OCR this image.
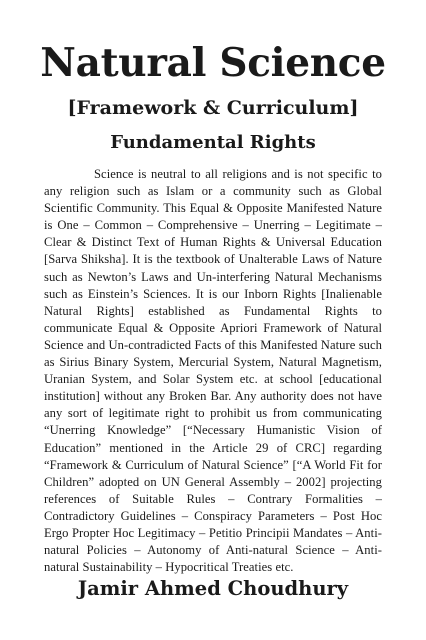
Natural Science
[Framework & Curriculum]
Fundamental Rights

Science is neutral to all religions and is not specific to any religion such as Islam or a community such as Global Scientific Community. This Equal & Opposite Manifested Nature is One – Common – Comprehensive – Unerring – Legitimate – Clear & Distinct Text of Human Rights & Universal Education [Sarva Shiksha]. It is the textbook of Unalterable Laws of Nature such as Newton’s Laws and Un-interfering Natural Mechanisms such as Einstein’s Sciences. It is our Inborn Rights [Inalienable Natural Rights] established as Fundamental Rights to communicate Equal & Opposite Apriori Framework of Natural Science and Un-contradicted Facts of this Manifested Nature such as Sirius Binary System, Mercurial System, Natural Magnetism, Uranian System, and Solar System etc. at school [educational institution] without any Broken Bar. Any authority does not have any sort of legitimate right to prohibit us from communicating “Unerring Knowledge” [“Necessary Humanistic Vision of Education” mentioned in the Article 29 of CRC] regarding “Framework & Curriculum of Natural Science” [“A World Fit for Children” adopted on UN General Assembly – 2002] projecting references of Suitable Rules – Contrary Formalities – Contradictory Guidelines – Conspiracy Parameters – Post Hoc Ergo Propter Hoc Legitimacy – Petitio Principii Mandates – Anti-natural Policies – Autonomy of Anti-natural Science – Anti-natural Sustainability – Hypocritical Treaties etc.

Jamir Ahmed Choudhury
